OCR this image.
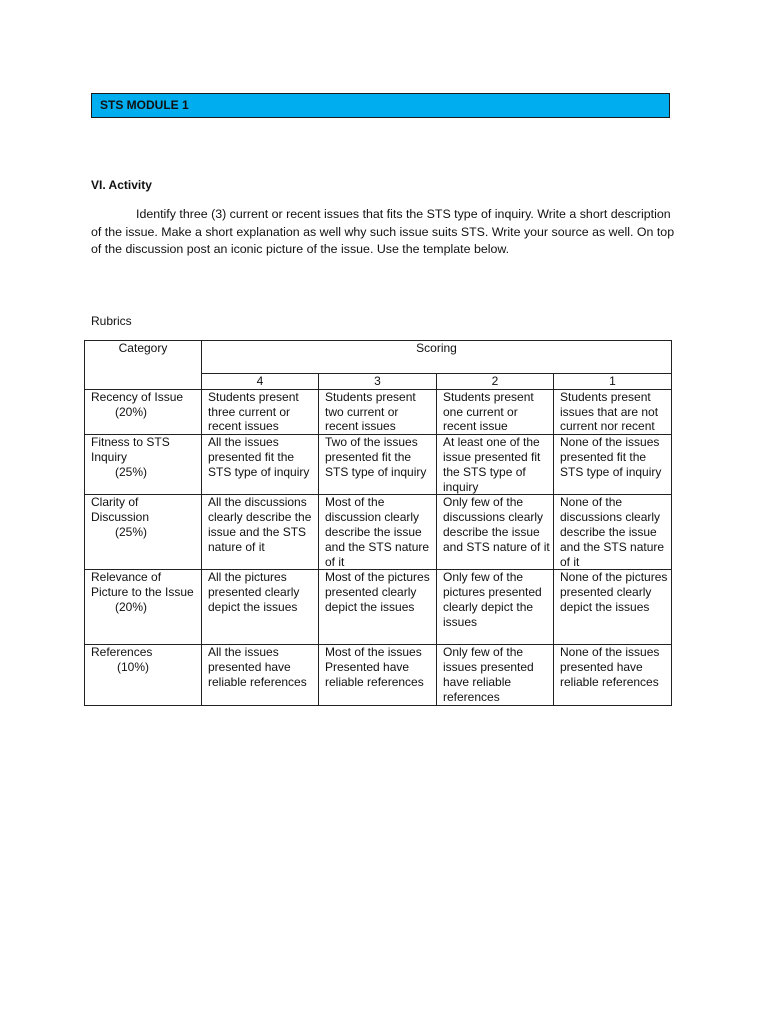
STS MODULE 1
VI. Activity

Identify three (3) current or recent issues that fits the STS type of inquiry. Write a short description of the issue. Make a short explanation as well why such issue suits STS. Write your source as well. On top of the discussion post an iconic picture of the issue. Use the template below.

Rubrics
Category	Scoring			
	4	3	2	1
Recency of Issue
(20%)	Students present three current or recent issues	Students present two current or recent issues	Students present one current or recent issue	Students present issues that are not current nor recent
Fitness to STS Inquiry
(25%)	All the issues presented fit the STS type of inquiry	Two of the issues presented fit the STS type of inquiry	At least one of the issue presented fit the STS type of inquiry	None of the issues presented fit the STS type of inquiry
Clarity of Discussion
(25%)	All the discussions clearly describe the issue and the STS nature of it	Most of the discussion clearly describe the issue and the STS nature of it	Only few of the discussions clearly describe the issue and STS nature of it	None of the discussions clearly describe the issue and the STS nature of it
Relevance of Picture to the Issue
(20%)	All the pictures presented clearly depict the issues	Most of the pictures presented clearly depict the issues	Only few of the pictures presented clearly depict the issues	None of the pictures presented clearly depict the issues
References
(10%)	All the issues presented have reliable references	Most of the issues Presented have reliable references	Only few of the issues presented have reliable references	None of the issues presented have reliable references
